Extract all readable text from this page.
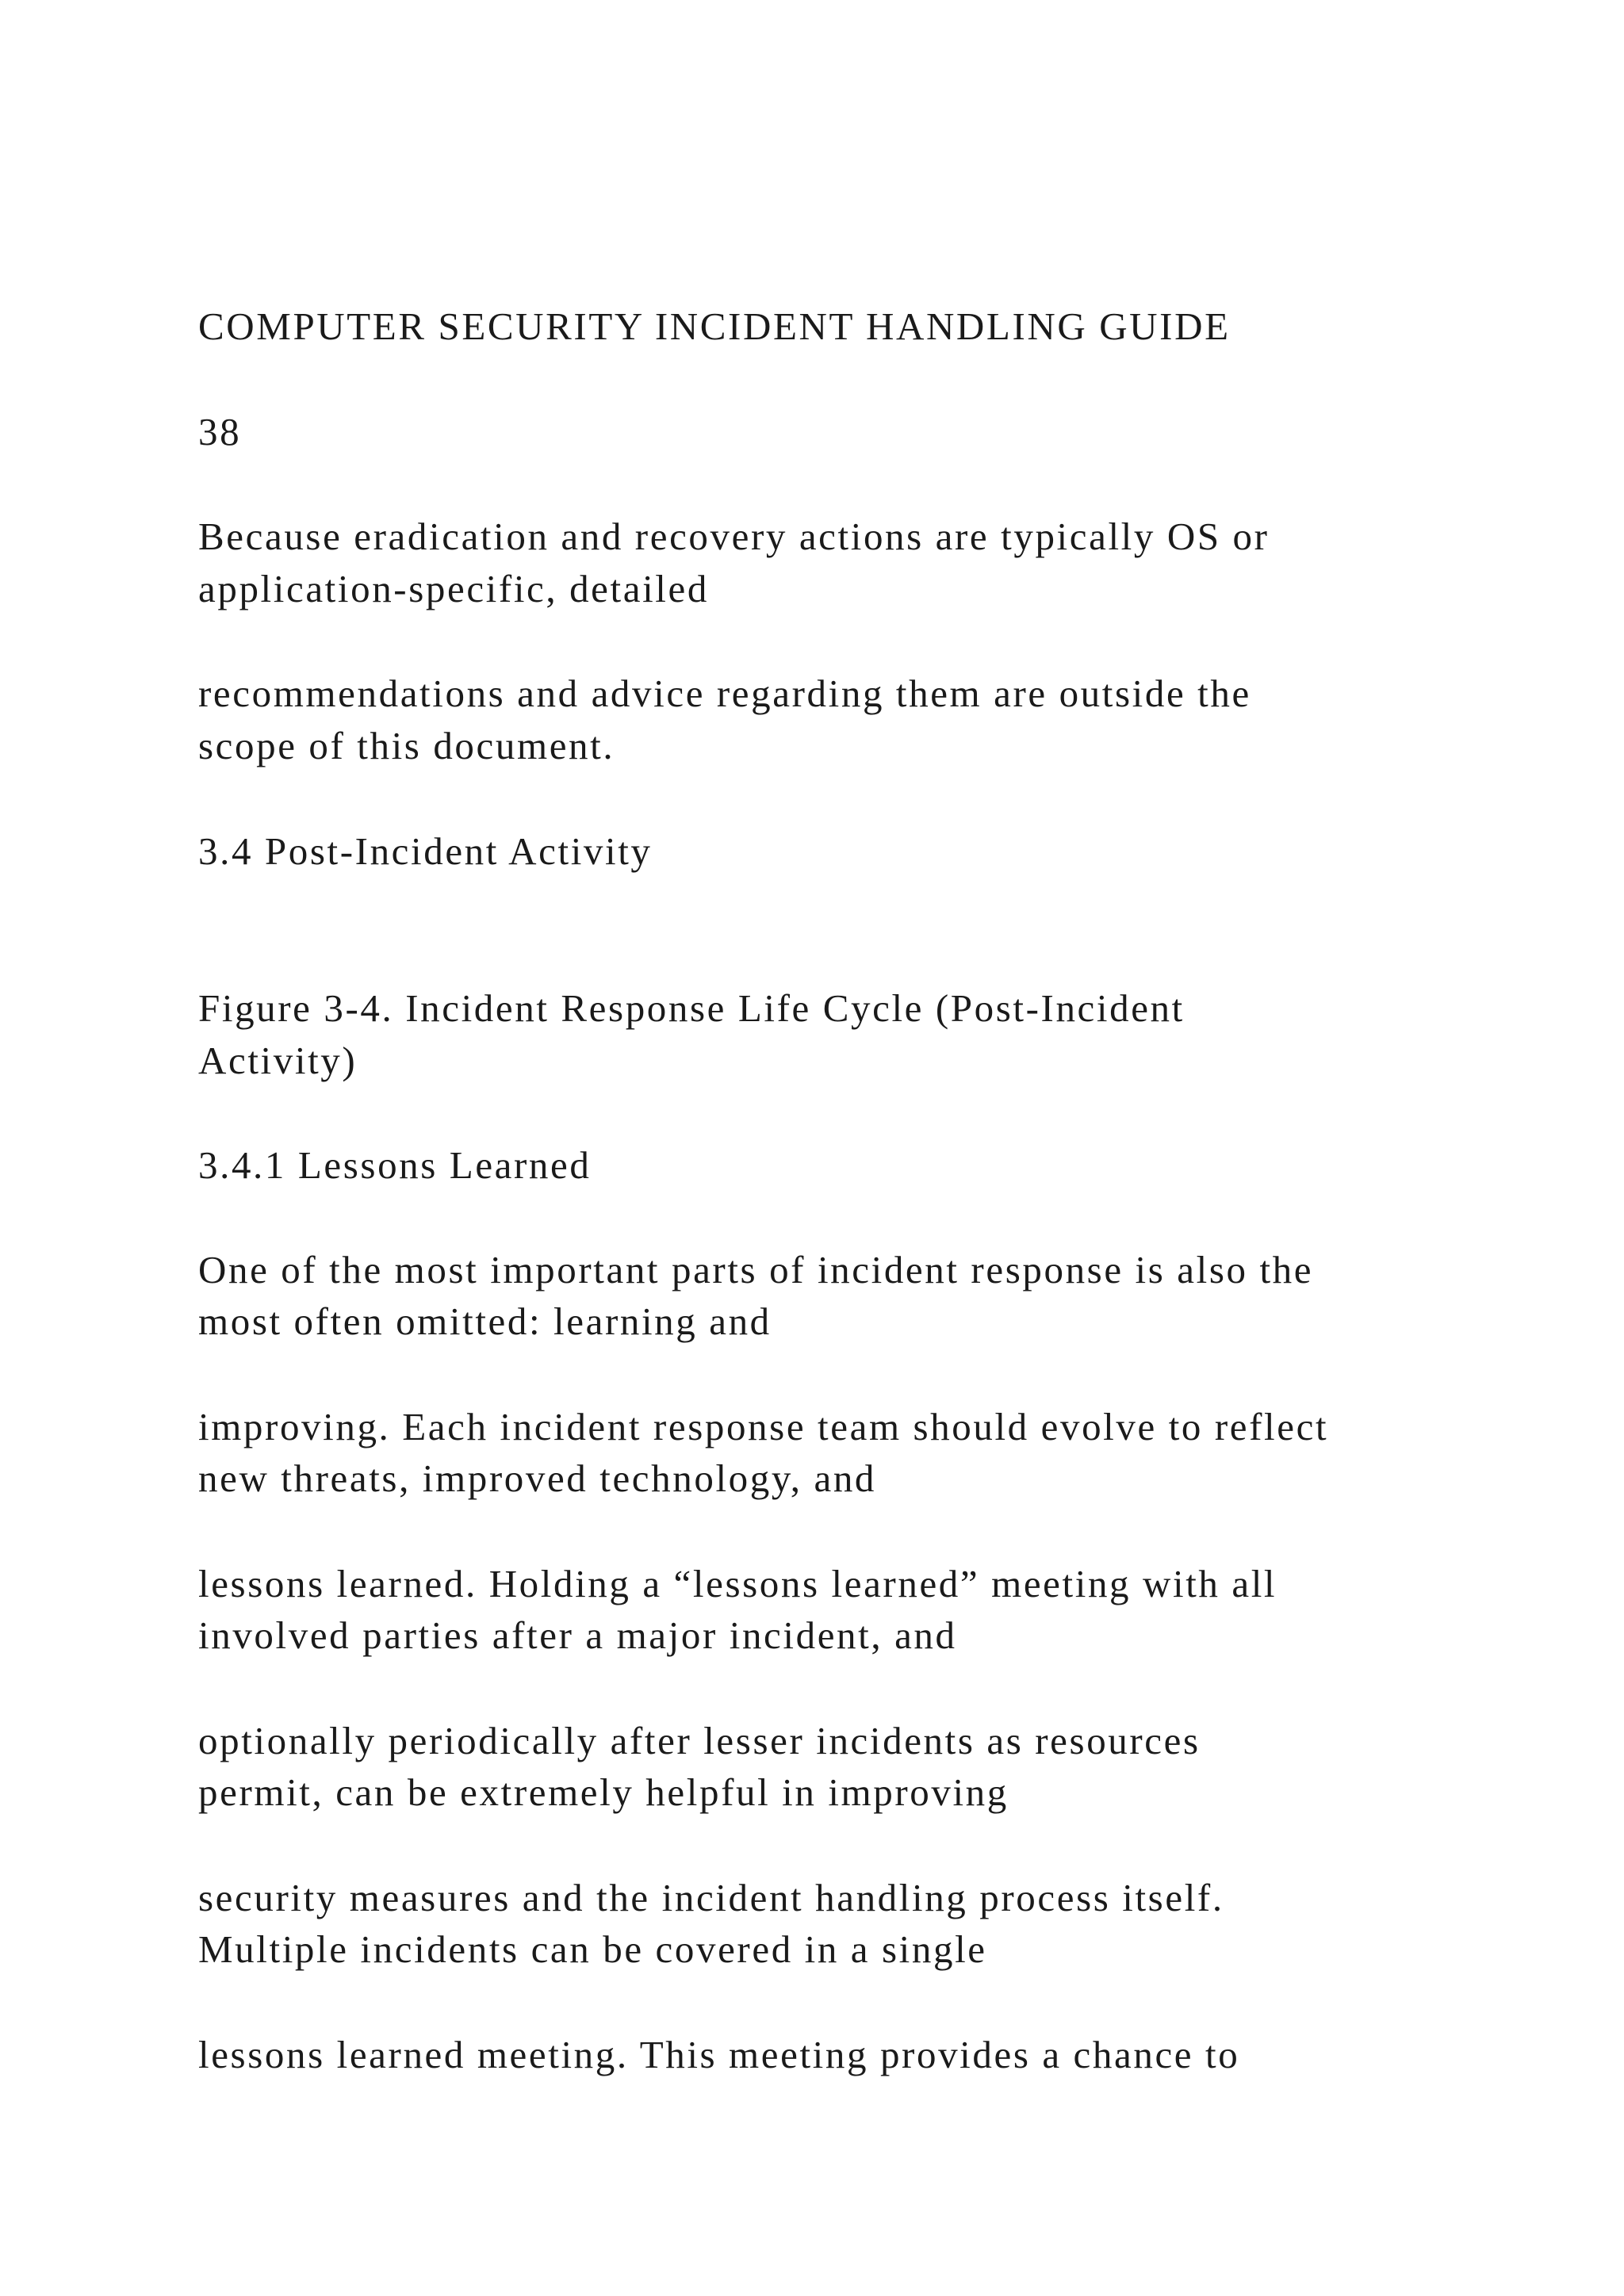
COMPUTER SECURITY INCIDENT HANDLING GUIDE
38
Because eradication and recovery actions are typically OS or
application-specific, detailed
recommendations and advice regarding them are outside the
scope of this document.
3.4 Post-Incident Activity
Figure 3-4. Incident Response Life Cycle (Post-Incident
Activity)
3.4.1 Lessons Learned
One of the most important parts of incident response is also the
most often omitted: learning and
improving. Each incident response team should evolve to reflect
new threats, improved technology, and
lessons learned. Holding a “lessons learned” meeting with all
involved parties after a major incident, and
optionally periodically after lesser incidents as resources
permit, can be extremely helpful in improving
security measures and the incident handling process itself.
Multiple incidents can be covered in a single
lessons learned meeting. This meeting provides a chance to
